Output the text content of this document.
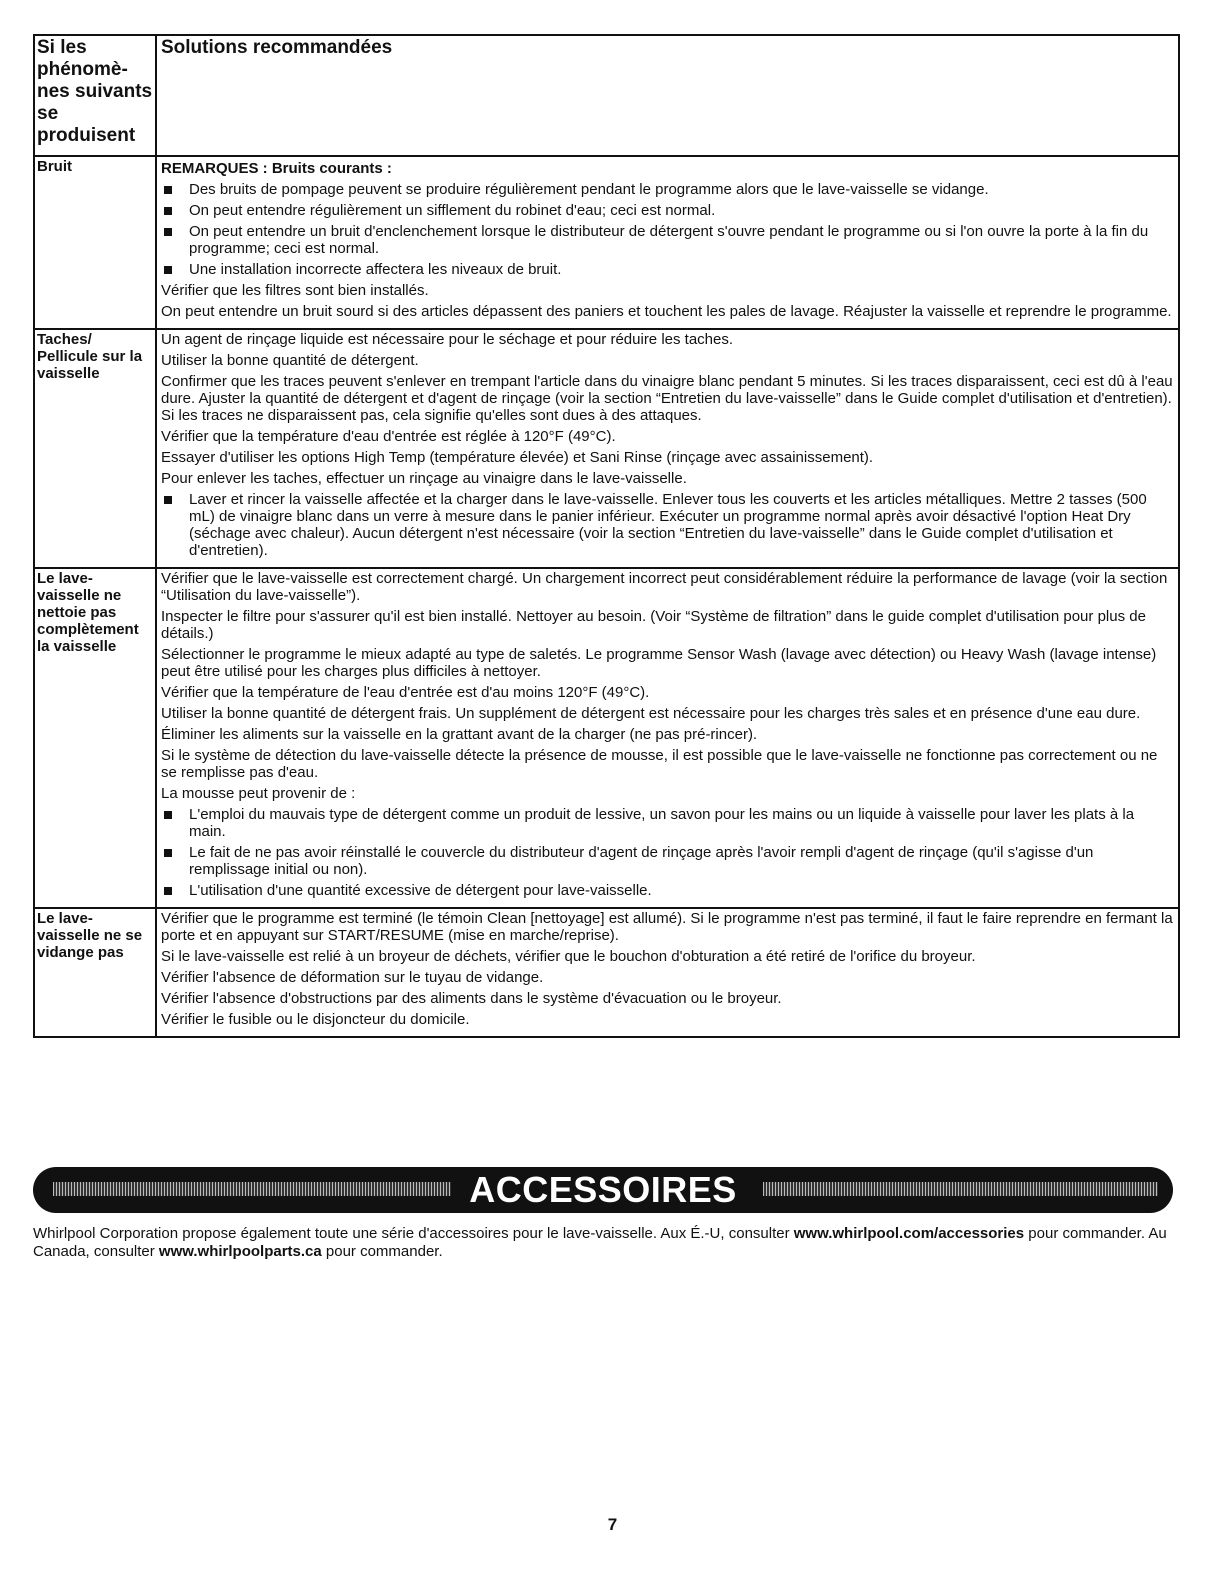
Si les phénomè-nes suivants se produisent
Solutions recommandées
Bruit	REMARQUES : Bruits courants :
Des bruits de pompage peuvent se produire régulièrement pendant le programme alors que le lave-vaisselle se vidange.
On peut entendre régulièrement un sifflement du robinet d'eau; ceci est normal.
On peut entendre un bruit d'enclenchement lorsque le distributeur de détergent s'ouvre pendant le programme ou si l'on ouvre la porte à la fin du programme; ceci est normal.
Une installation incorrecte affectera les niveaux de bruit.

Vérifier que les filtres sont bien installés.

On peut entendre un bruit sourd si des articles dépassent des paniers et touchent les pales de lavage. Réajuster la vaisselle et reprendre le programme.

Taches/ Pellicule sur la vaisselle

Un agent de rinçage liquide est nécessaire pour le séchage et pour réduire les taches.

Utiliser la bonne quantité de détergent.

Confirmer que les traces peuvent s'enlever en trempant l'article dans du vinaigre blanc pendant 5 minutes. Si les traces disparaissent, ceci est dû à l'eau dure. Ajuster la quantité de détergent et d'agent de rinçage (voir la section “Entretien du lave-vaisselle” dans le Guide complet d'utilisation et d'entretien). Si les traces ne disparaissent pas, cela signifie qu'elles sont dues à des attaques.

Vérifier que la température d'eau d'entrée est réglée à 120°F (49°C).

Essayer d'utiliser les options High Temp (température élevée) et Sani Rinse (rinçage avec assainissement).

Pour enlever les taches, effectuer un rinçage au vinaigre dans le lave-vaisselle.

Laver et rincer la vaisselle affectée et la charger dans le lave-vaisselle. Enlever tous les couverts et les articles métalliques. Mettre 2 tasses (500 mL) de vinaigre blanc dans un verre à mesure dans le panier inférieur. Exécuter un programme normal après avoir désactivé l'option Heat Dry (séchage avec chaleur). Aucun détergent n'est nécessaire (voir la section “Entretien du lave-vaisselle” dans le Guide complet d'utilisation et d'entretien).
Le lave-vaisselle ne nettoie pas complètement la vaisselle

Vérifier que le lave-vaisselle est correctement chargé. Un chargement incorrect peut considérablement réduire la performance de lavage (voir la section “Utilisation du lave-vaisselle”).

Inspecter le filtre pour s'assurer qu'il est bien installé. Nettoyer au besoin. (Voir “Système de filtration” dans le guide complet d'utilisation pour plus de détails.)

Sélectionner le programme le mieux adapté au type de saletés. Le programme Sensor Wash (lavage avec détection) ou Heavy Wash (lavage intense) peut être utilisé pour les charges plus difficiles à nettoyer.

Vérifier que la température de l'eau d'entrée est d'au moins 120°F (49°C).

Utiliser la bonne quantité de détergent frais. Un supplément de détergent est nécessaire pour les charges très sales et en présence d'une eau dure.

Éliminer les aliments sur la vaisselle en la grattant avant de la charger (ne pas pré-rincer).

Si le système de détection du lave-vaisselle détecte la présence de mousse, il est possible que le lave-vaisselle ne fonctionne pas correctement ou ne se remplisse pas d'eau.

La mousse peut provenir de :

L'emploi du mauvais type de détergent comme un produit de lessive, un savon pour les mains ou un liquide à vaisselle pour laver les plats à la main.
Le fait de ne pas avoir réinstallé le couvercle du distributeur d'agent de rinçage après l'avoir rempli d'agent de rinçage (qu'il s'agisse d'un remplissage initial ou non).
L'utilisation d'une quantité excessive de détergent pour lave-vaisselle.
Le lave-vaisselle ne se vidange pas

Vérifier que le programme est terminé (le témoin Clean [nettoyage] est allumé). Si le programme n'est pas terminé, il faut le faire reprendre en fermant la porte et en appuyant sur START/RESUME (mise en marche/reprise).

Si le lave-vaisselle est relié à un broyeur de déchets, vérifier que le bouchon d'obturation a été retiré de l'orifice du broyeur.

Vérifier l'absence de déformation sur le tuyau de vidange.

Vérifier l'absence d'obstructions par des aliments dans le système d'évacuation ou le broyeur.

Vérifier le fusible ou le disjoncteur du domicile.

ACCESSOIRES
Whirlpool Corporation propose également toute une série d'accessoires pour le lave-vaisselle. Aux É.-U, consulter www.whirlpool.com/accessories pour commander. Au Canada, consulter www.whirlpoolparts.ca pour commander.
7
